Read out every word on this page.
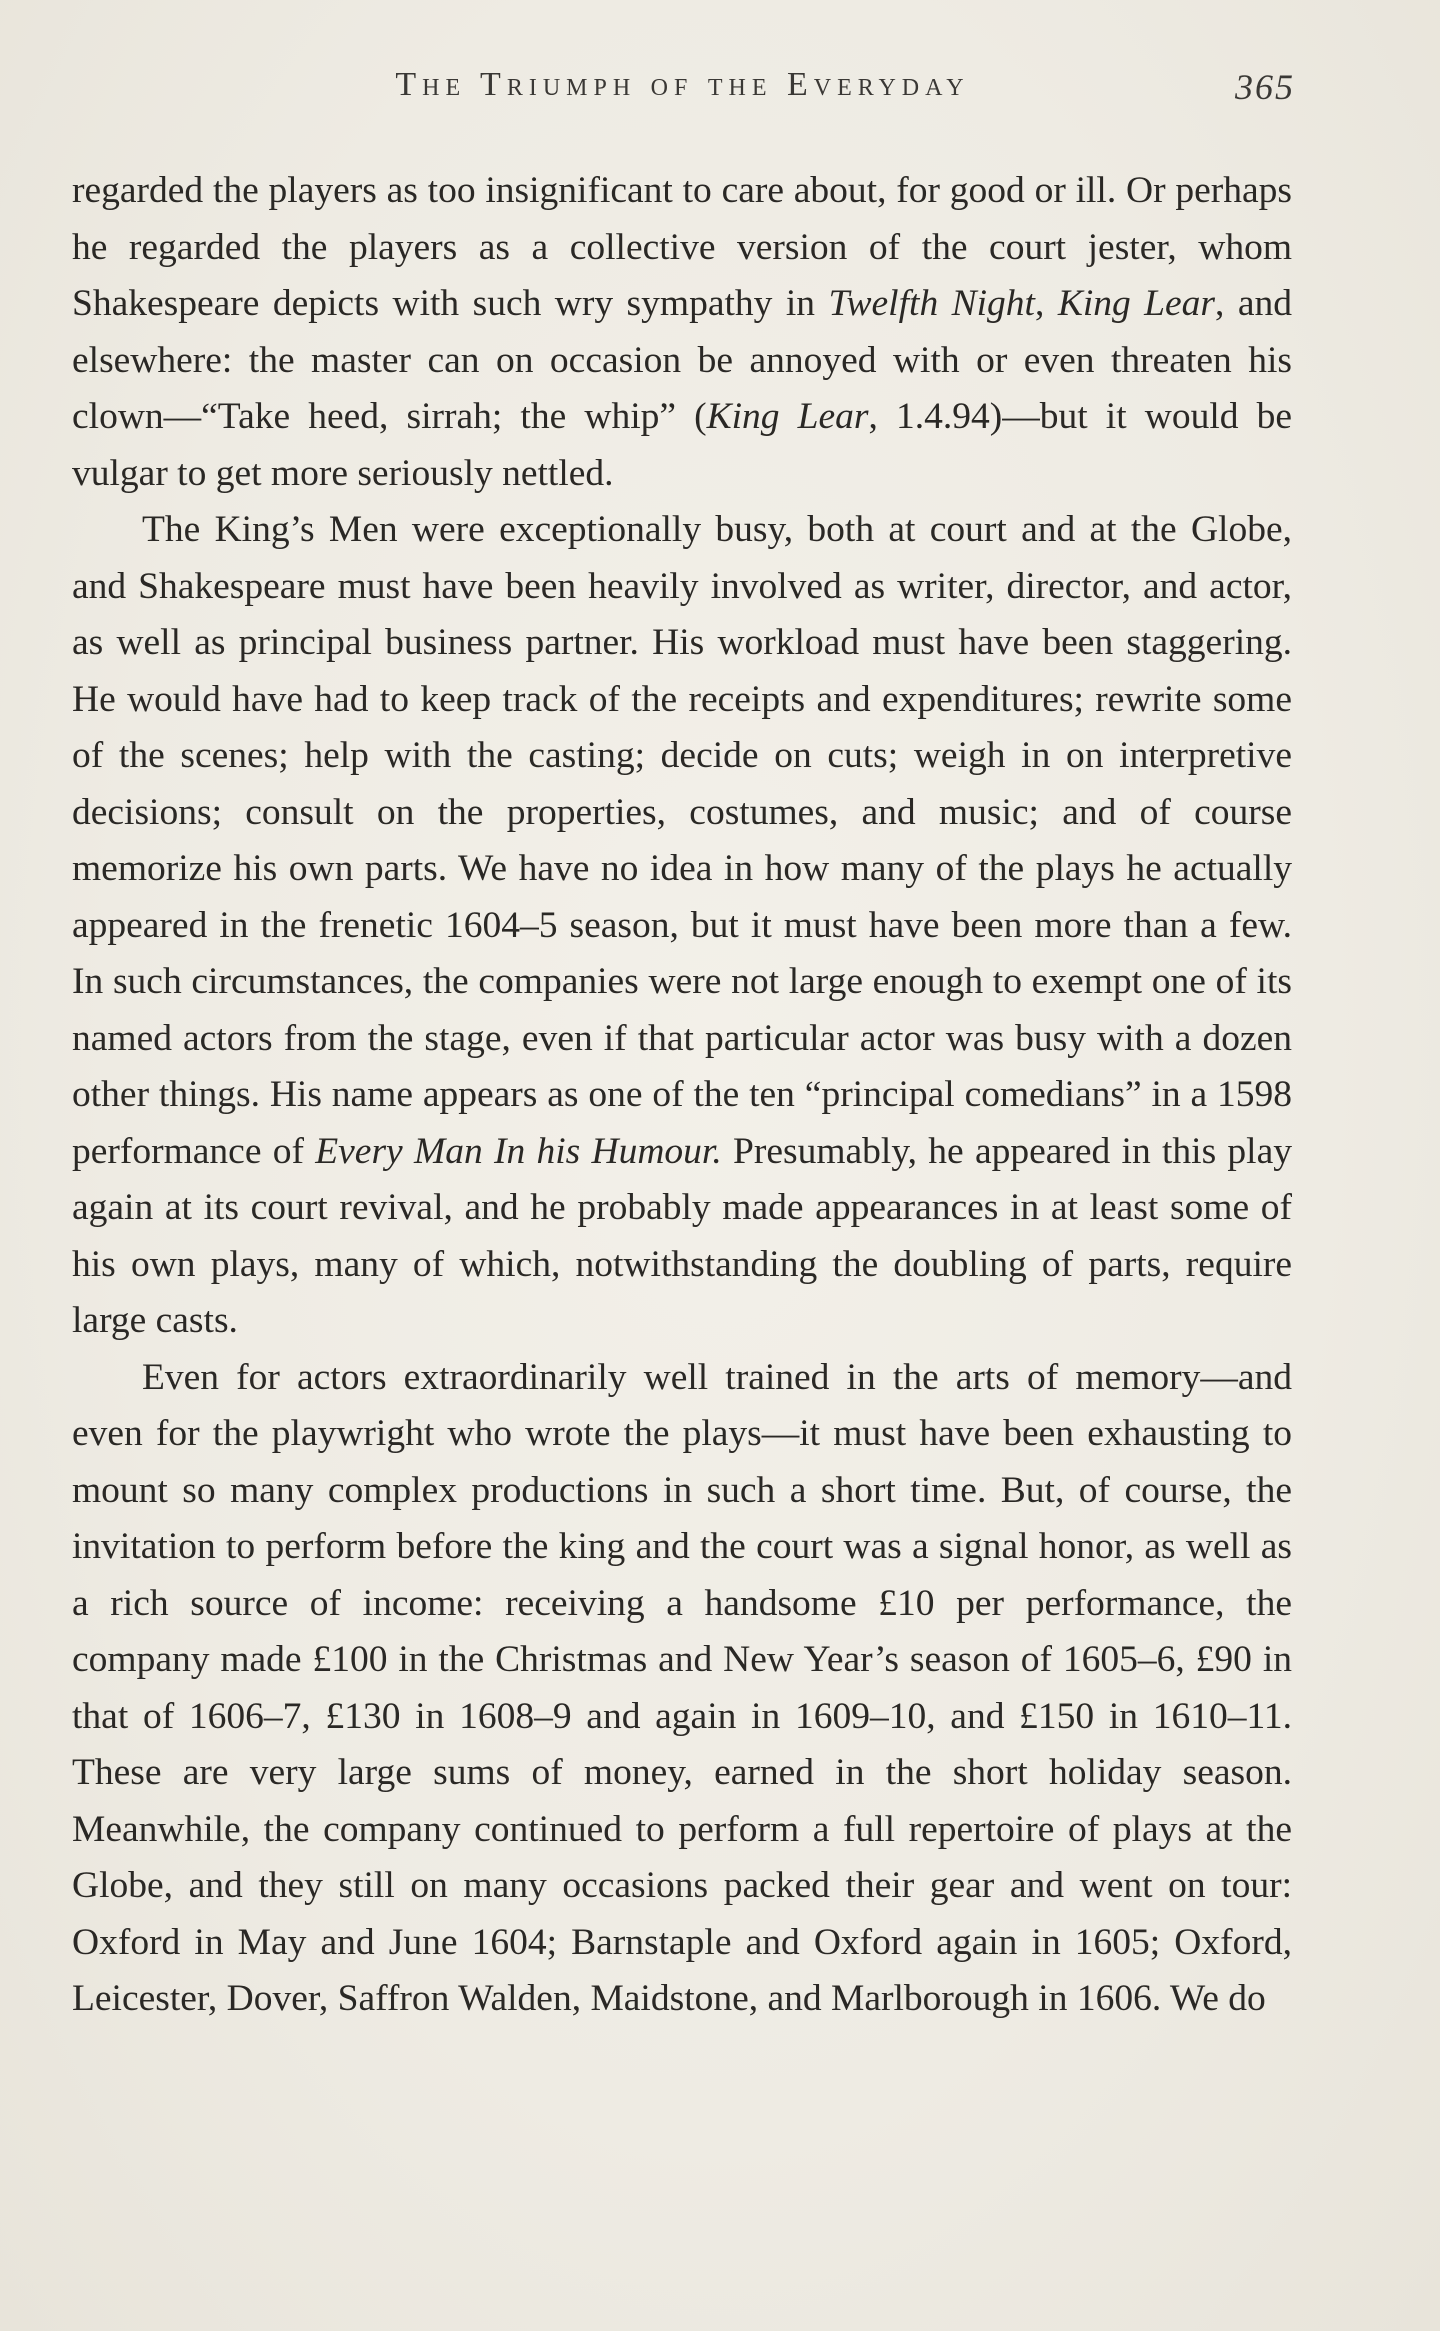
The Triumph of the Everyday	365

regarded the players as too insignificant to care about, for good or ill. Or perhaps he regarded the players as a collective version of the court jester, whom Shakespeare depicts with such wry sympathy in Twelfth Night, King Lear, and elsewhere: the master can on occasion be annoyed with or even threaten his clown—“Take heed, sirrah; the whip” (King Lear, 1.4.94)—but it would be vulgar to get more seriously nettled.

The King’s Men were exceptionally busy, both at court and at the Globe, and Shakespeare must have been heavily involved as writer, director, and actor, as well as principal business partner. His workload must have been staggering. He would have had to keep track of the receipts and expenditures; rewrite some of the scenes; help with the casting; decide on cuts; weigh in on interpretive decisions; consult on the properties, costumes, and music; and of course memorize his own parts. We have no idea in how many of the plays he actually appeared in the frenetic 1604–5 season, but it must have been more than a few. In such circumstances, the companies were not large enough to exempt one of its named actors from the stage, even if that particular actor was busy with a dozen other things. His name appears as one of the ten “principal comedians” in a 1598 performance of Every Man In his Humour. Presumably, he appeared in this play again at its court revival, and he probably made appearances in at least some of his own plays, many of which, notwithstanding the doubling of parts, require large casts.

Even for actors extraordinarily well trained in the arts of memory—and even for the playwright who wrote the plays—it must have been exhausting to mount so many complex productions in such a short time. But, of course, the invitation to perform before the king and the court was a signal honor, as well as a rich source of income: receiving a handsome £10 per performance, the company made £100 in the Christmas and New Year’s season of 1605–6, £90 in that of 1606–7, £130 in 1608–9 and again in 1609–10, and £150 in 1610–11. These are very large sums of money, earned in the short holiday season. Meanwhile, the company continued to perform a full repertoire of plays at the Globe, and they still on many occasions packed their gear and went on tour: Oxford in May and June 1604; Barnstaple and Oxford again in 1605; Oxford, Leicester, Dover, Saffron Walden, Maidstone, and Marlborough in 1606. We do
